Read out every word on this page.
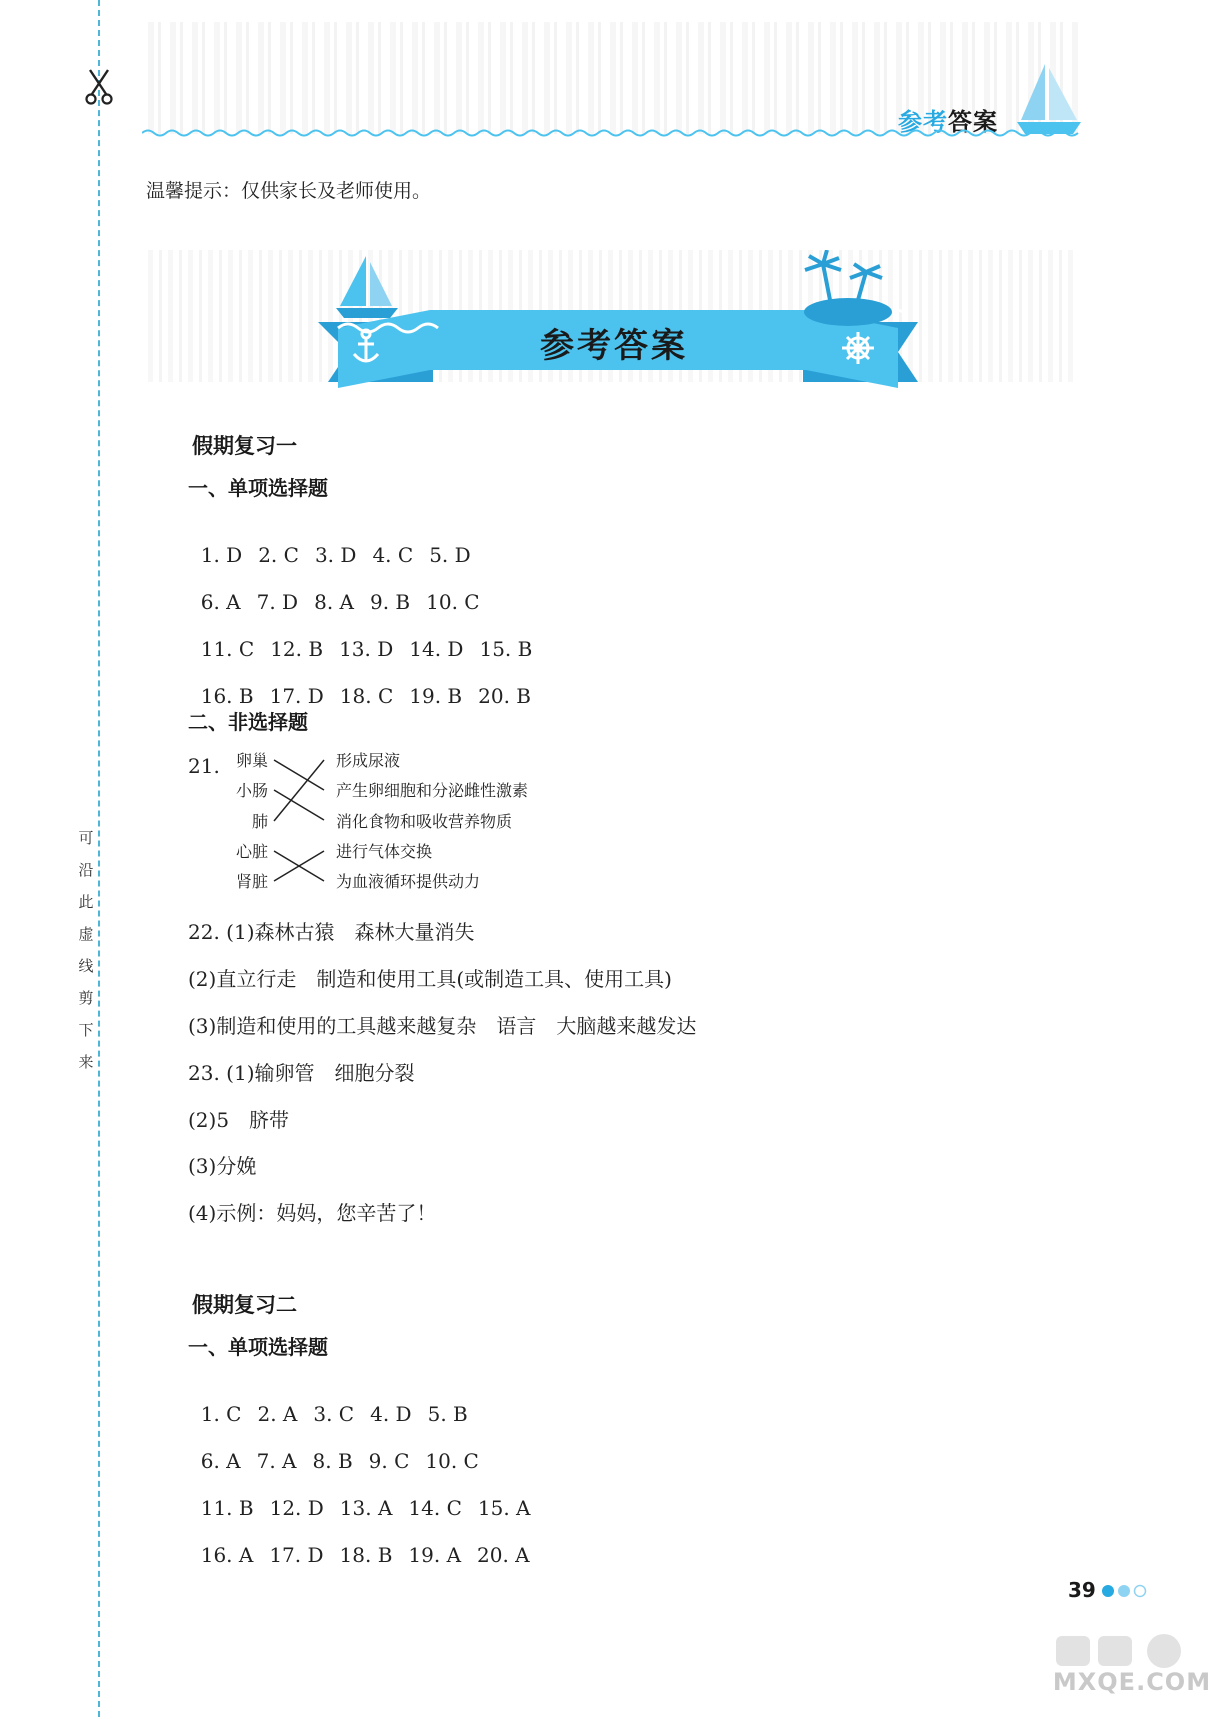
可
沿
此
虚
线
剪
下
来
参考答案
温馨提示：仅供家长及老师使用。
参考答案
假期复习一
一、单项选择题

1. D 2. C 3. D 4. C 5. D

6. A 7. D 8. A 9. B 10. C

11. C 12. B 13. D 14. D 15. B

16. B 17. D 18. C 19. B 20. B

二、非选择题
21.	卵巢
小肠
肺
心脏
肾脏
形成尿液
产生卵细胞和分泌雌性激素
消化食物和吸收营养物质
进行气体交换
为血液循环提供动力
22. (1)森林古猿　森林大量消失
(2)直立行走　制造和使用工具(或制造工具、使用工具)
(3)制造和使用的工具越来越复杂　语言　大脑越来越发达
23. (1)输卵管　细胞分裂
(2)5　脐带
(3)分娩
(4)示例：妈妈，您辛苦了！
假期复习二
一、单项选择题

1. C 2. A 3. C 4. D 5. B

6. A 7. A 8. B 9. C 10. C

11. B 12. D 13. A 14. C 15. A

16. A 17. D 18. B 19. A 20. A

39
MXQE.COM
